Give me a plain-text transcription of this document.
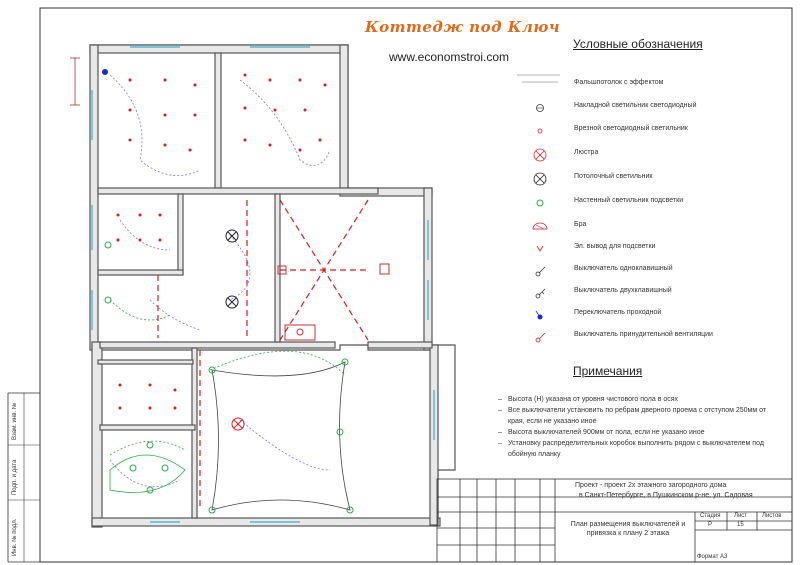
Коттедж под Ключ
www.economstroi.com
Условные обозначения
Фальшпотолок с эффектом
Накладной светильник светодиодный
Врезной светодиодный светильник
Люстра
Потолочный светильник
Настенный светильник подсветки
Бра
Эл. вывод для подсветки
Выключатель одноклавишный
Выключатель двухклавишный
Переключатель проходной
Выключатель принудительной вентиляции
Примечания
– Высота (Н) указана от уровня чистового пола в осях
– Все выключатели установить по ребрам дверного проема с отступом 250мм от края, если не указано иное
– Высота выключателей 900мм от пола, если не указано иное
– Установку распределительных коробок выполнить рядом с выключателем под обойную планку
Проект - проект 2х этажного загородного дома
в Санкт-Петербурге, в Пушкинском р-не, ул. Садовая
План размещения выключателей и привязка к плану 2 этажа
Стадия Лист Листов
Р	15
Формат А3
Взам. инв. №
Подп. и дата
Инв. № подл.
